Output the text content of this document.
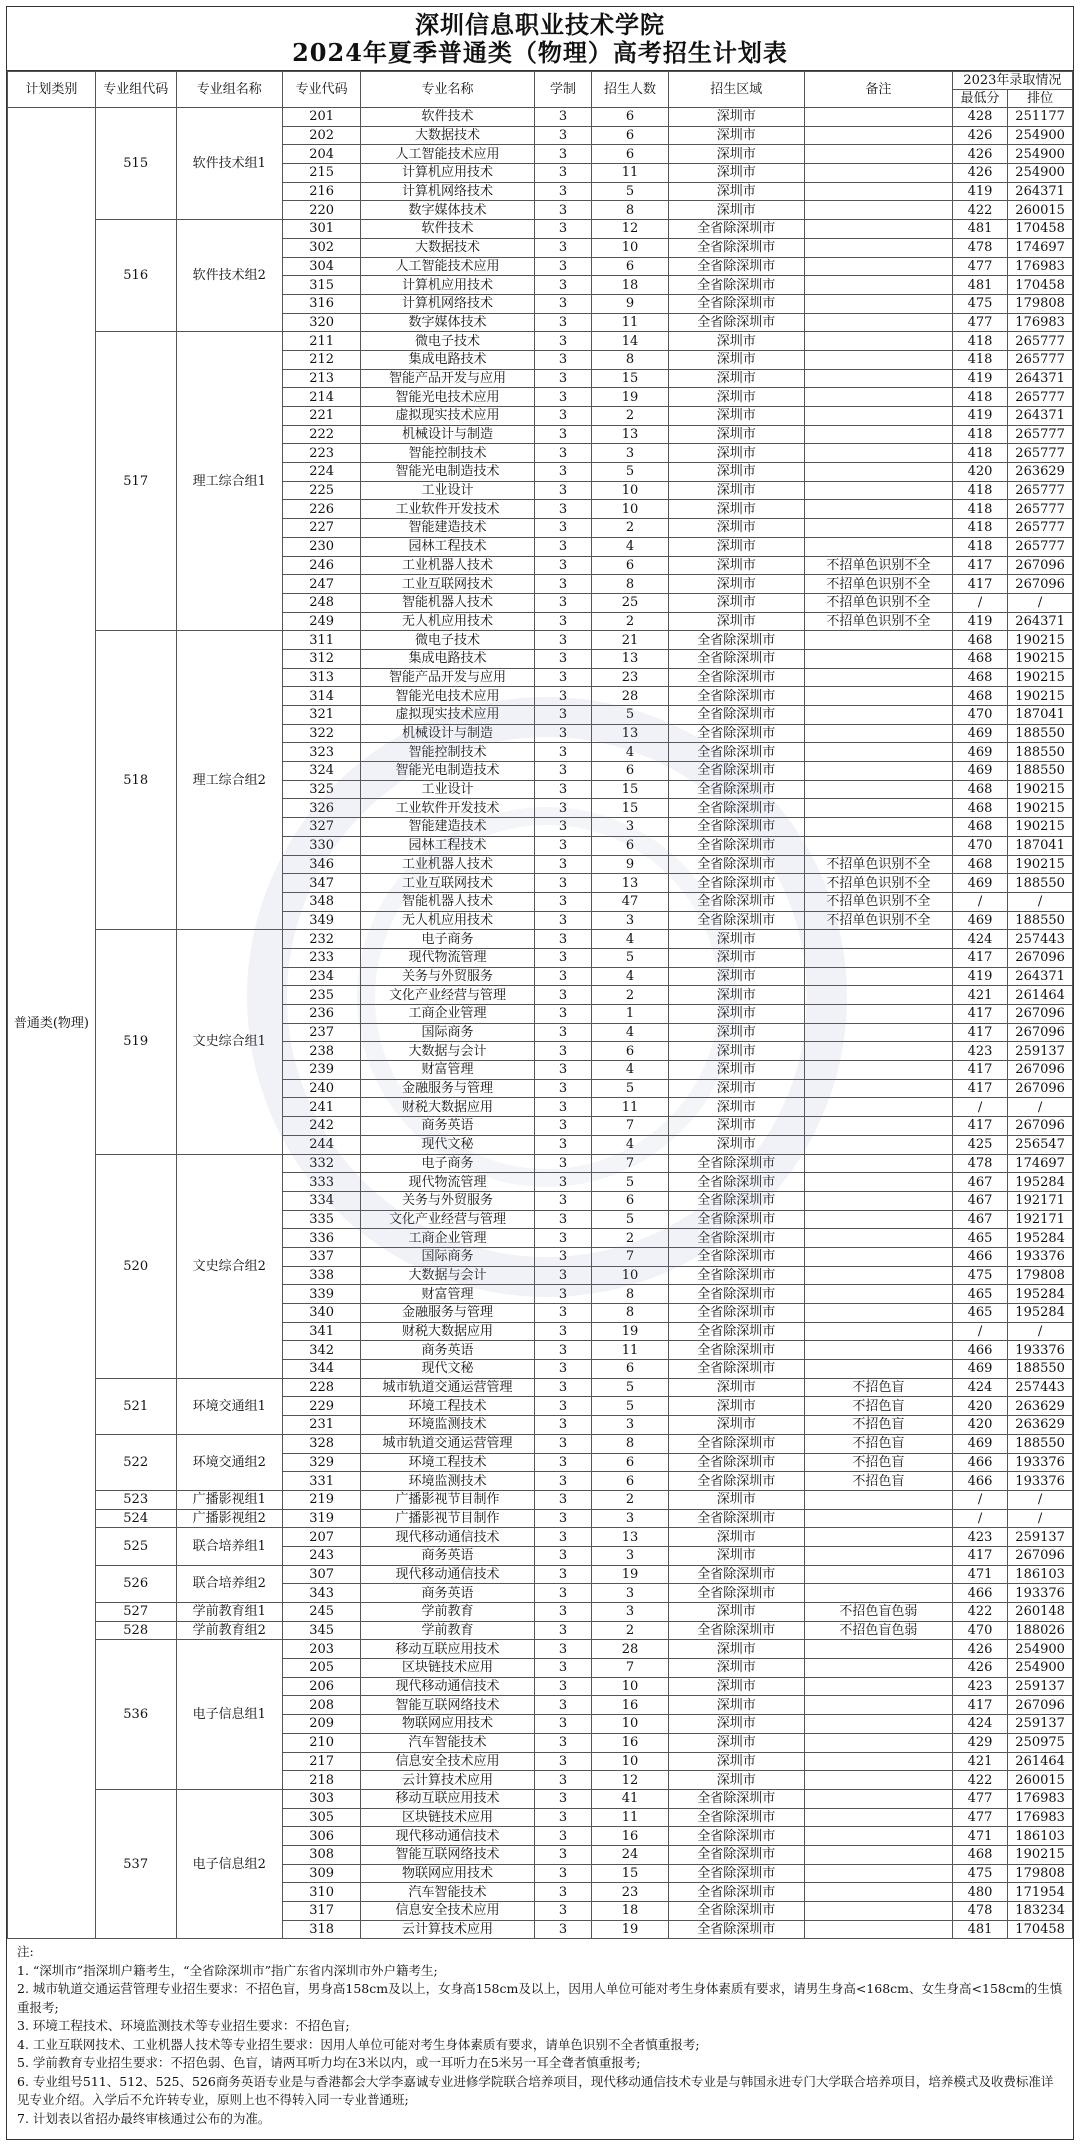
深圳信息职业技术学院
2024年夏季普通类（物理）高考招生计划表
计划类别	专业组代码	专业组名称	专业代码	专业名称	学制	招生人数	招生区域	备注	2023年录取情况	
									最低分	排位
普通类(物理)	515	软件技术组1	201	软件技术	3	6	深圳市		428	251177
			202	大数据技术	3	6	深圳市		426	254900
			204	人工智能技术应用	3	6	深圳市		426	254900
			215	计算机应用技术	3	11	深圳市		426	254900
			216	计算机网络技术	3	5	深圳市		419	264371
			220	数字媒体技术	3	8	深圳市		422	260015
	516	软件技术组2	301	软件技术	3	12	全省除深圳市		481	170458
			302	大数据技术	3	10	全省除深圳市		478	174697
			304	人工智能技术应用	3	6	全省除深圳市		477	176983
			315	计算机应用技术	3	18	全省除深圳市		481	170458
			316	计算机网络技术	3	9	全省除深圳市		475	179808
			320	数字媒体技术	3	11	全省除深圳市		477	176983
	517	理工综合组1	211	微电子技术	3	14	深圳市		418	265777
			212	集成电路技术	3	8	深圳市		418	265777
			213	智能产品开发与应用	3	15	深圳市		419	264371
			214	智能光电技术应用	3	19	深圳市		418	265777
			221	虚拟现实技术应用	3	2	深圳市		419	264371
			222	机械设计与制造	3	13	深圳市		418	265777
			223	智能控制技术	3	3	深圳市		418	265777
			224	智能光电制造技术	3	5	深圳市		420	263629
			225	工业设计	3	10	深圳市		418	265777
			226	工业软件开发技术	3	10	深圳市		418	265777
			227	智能建造技术	3	2	深圳市		418	265777
			230	园林工程技术	3	4	深圳市		418	265777
			246	工业机器人技术	3	6	深圳市	不招单色识别不全	417	267096
			247	工业互联网技术	3	8	深圳市	不招单色识别不全	417	267096
			248	智能机器人技术	3	25	深圳市	不招单色识别不全	/	/
			249	无人机应用技术	3	2	深圳市	不招单色识别不全	419	264371
	518	理工综合组2	311	微电子技术	3	21	全省除深圳市		468	190215
			312	集成电路技术	3	13	全省除深圳市		468	190215
			313	智能产品开发与应用	3	23	全省除深圳市		468	190215
			314	智能光电技术应用	3	28	全省除深圳市		468	190215
			321	虚拟现实技术应用	3	5	全省除深圳市		470	187041
			322	机械设计与制造	3	13	全省除深圳市		469	188550
			323	智能控制技术	3	4	全省除深圳市		469	188550
			324	智能光电制造技术	3	6	全省除深圳市		469	188550
			325	工业设计	3	15	全省除深圳市		468	190215
			326	工业软件开发技术	3	15	全省除深圳市		468	190215
			327	智能建造技术	3	3	全省除深圳市		468	190215
			330	园林工程技术	3	6	全省除深圳市		470	187041
			346	工业机器人技术	3	9	全省除深圳市	不招单色识别不全	468	190215
			347	工业互联网技术	3	13	全省除深圳市	不招单色识别不全	469	188550
			348	智能机器人技术	3	47	全省除深圳市	不招单色识别不全	/	/
			349	无人机应用技术	3	3	全省除深圳市	不招单色识别不全	469	188550
	519	文史综合组1	232	电子商务	3	4	深圳市		424	257443
			233	现代物流管理	3	5	深圳市		417	267096
			234	关务与外贸服务	3	4	深圳市		419	264371
			235	文化产业经营与管理	3	2	深圳市		421	261464
			236	工商企业管理	3	1	深圳市		417	267096
			237	国际商务	3	4	深圳市		417	267096
			238	大数据与会计	3	6	深圳市		423	259137
			239	财富管理	3	4	深圳市		417	267096
			240	金融服务与管理	3	5	深圳市		417	267096
			241	财税大数据应用	3	11	深圳市		/	/
			242	商务英语	3	7	深圳市		417	267096
			244	现代文秘	3	4	深圳市		425	256547
	520	文史综合组2	332	电子商务	3	7	全省除深圳市		478	174697
			333	现代物流管理	3	5	全省除深圳市		467	195284
			334	关务与外贸服务	3	6	全省除深圳市		467	192171
			335	文化产业经营与管理	3	5	全省除深圳市		467	192171
			336	工商企业管理	3	2	全省除深圳市		465	195284
			337	国际商务	3	7	全省除深圳市		466	193376
			338	大数据与会计	3	10	全省除深圳市		475	179808
			339	财富管理	3	8	全省除深圳市		465	195284
			340	金融服务与管理	3	8	全省除深圳市		465	195284
			341	财税大数据应用	3	19	全省除深圳市		/	/
			342	商务英语	3	11	全省除深圳市		466	193376
			344	现代文秘	3	6	全省除深圳市		469	188550
	521	环境交通组1	228	城市轨道交通运营管理	3	5	深圳市	不招色盲	424	257443
			229	环境工程技术	3	5	深圳市	不招色盲	420	263629
			231	环境监测技术	3	3	深圳市	不招色盲	420	263629
	522	环境交通组2	328	城市轨道交通运营管理	3	8	全省除深圳市	不招色盲	469	188550
			329	环境工程技术	3	6	全省除深圳市	不招色盲	466	193376
			331	环境监测技术	3	6	全省除深圳市	不招色盲	466	193376
	523	广播影视组1	219	广播影视节目制作	3	2	深圳市		/	/
	524	广播影视组2	319	广播影视节目制作	3	3	全省除深圳市		/	/
	525	联合培养组1	207	现代移动通信技术	3	13	深圳市		423	259137
			243	商务英语	3	3	深圳市		417	267096
	526	联合培养组2	307	现代移动通信技术	3	19	全省除深圳市		471	186103
			343	商务英语	3	3	全省除深圳市		466	193376
	527	学前教育组1	245	学前教育	3	3	深圳市	不招色盲色弱	422	260148
	528	学前教育组2	345	学前教育	3	2	全省除深圳市	不招色盲色弱	470	188026
	536	电子信息组1	203	移动互联应用技术	3	28	深圳市		426	254900
			205	区块链技术应用	3	7	深圳市		426	254900
			206	现代移动通信技术	3	10	深圳市		423	259137
			208	智能互联网络技术	3	16	深圳市		417	267096
			209	物联网应用技术	3	10	深圳市		424	259137
			210	汽车智能技术	3	16	深圳市		429	250975
			217	信息安全技术应用	3	10	深圳市		421	261464
			218	云计算技术应用	3	12	深圳市		422	260015
	537	电子信息组2	303	移动互联应用技术	3	41	全省除深圳市		477	176983
			305	区块链技术应用	3	11	全省除深圳市		477	176983
			306	现代移动通信技术	3	16	全省除深圳市		471	186103
			308	智能互联网络技术	3	24	全省除深圳市		468	190215
			309	物联网应用技术	3	15	全省除深圳市		475	179808
			310	汽车智能技术	3	23	全省除深圳市		480	171954
			317	信息安全技术应用	3	18	全省除深圳市		478	183234
			318	云计算技术应用	3	19	全省除深圳市		481	170458
注:
1. “深圳市”指深圳户籍考生，“全省除深圳市”指广东省内深圳市外户籍考生;
2. 城市轨道交通运营管理专业招生要求：不招色盲，男身高158cm及以上，女身高158cm及以上，因用人单位可能对考生身体素质有要求，请男生身高<168cm、女生身高<158cm的生慎重报考;
3. 环境工程技术、环境监测技术等专业招生要求：不招色盲;
4. 工业互联网技术、工业机器人技术等专业招生要求：因用人单位可能对考生身体素质有要求，请单色识别不全者慎重报考;
5. 学前教育专业招生要求：不招色弱、色盲，请两耳听力均在3米以内，或一耳听力在5米另一耳全聋者慎重报考;
6. 专业组号511、512、525、526商务英语专业是与香港都会大学李嘉诚专业进修学院联合培养项目，现代移动通信技术专业是与韩国永进专门大学联合培养项目，培养模式及收费标准详见专业介绍。入学后不允许转专业，原则上也不得转入同一专业普通班;
7. 计划表以省招办最终审核通过公布的为准。
